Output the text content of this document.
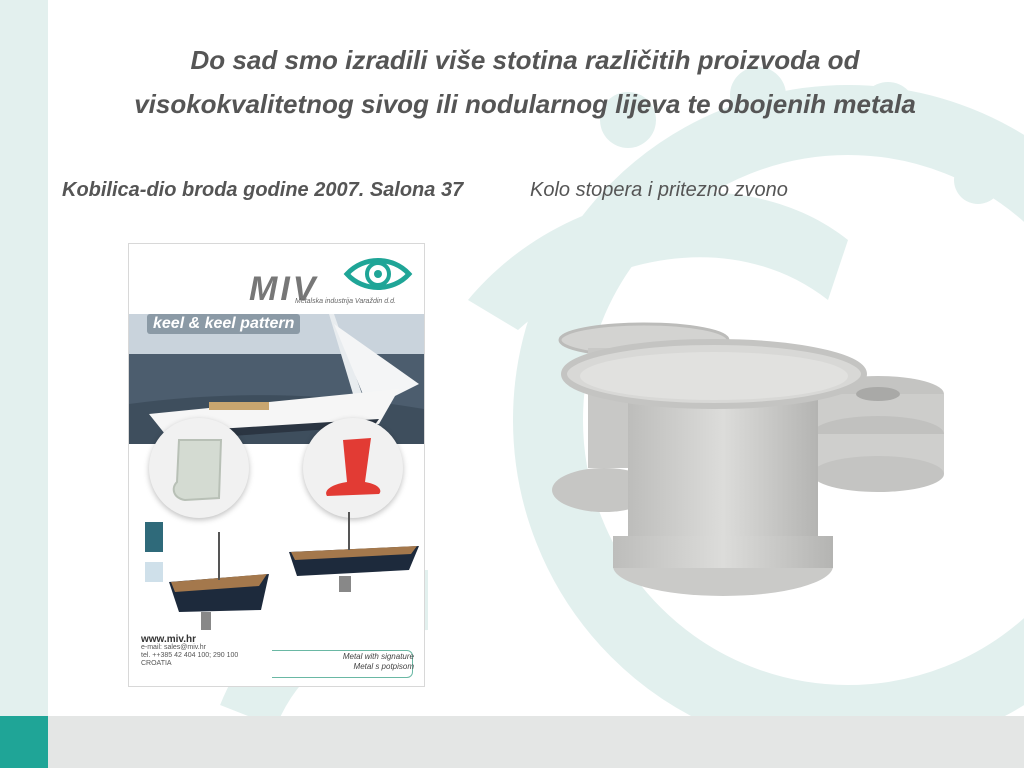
Do sad smo izradili više stotina različitih proizvoda od
visokokvalitetnog sivog ili nodularnog lijeva te obojenih metala
Kobilica-dio broda godine 2007. Salona 37	Kolo stopera i pritezno zvono
MIV
Metalska industrija Varaždin d.d.
keel & keel pattern
www.miv.hr
e-mail: sales@miv.hr
tel. ++385 42 404 100; 290 100
CROATIA
Metal with signature
Metal s potpisom
